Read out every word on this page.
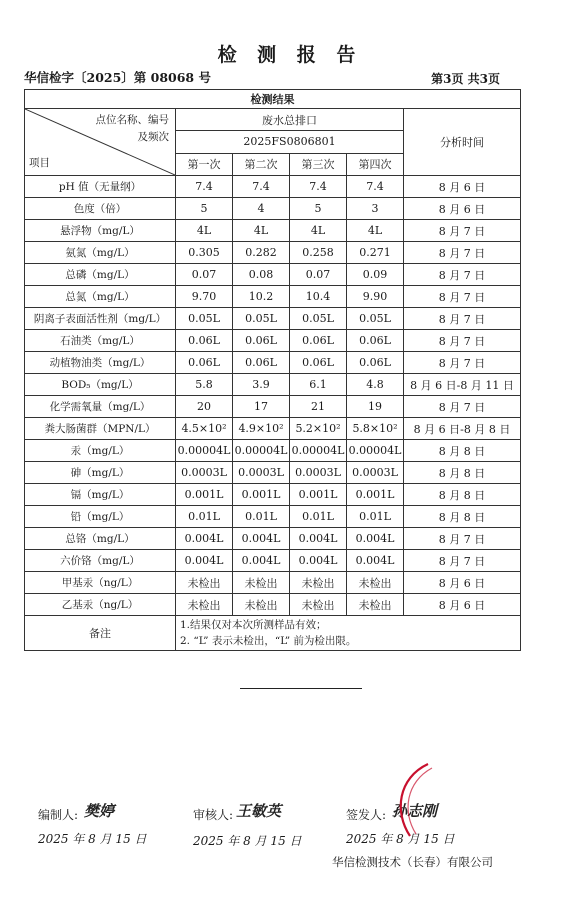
检 测 报 告
华信检字〔2025〕第 08068 号	第3页 共3页
检测结果					

点位名称、编号
及频次
项目	废水总排口				分析时间
	2025FS0806801				
	第一次	第二次	第三次	第四次	
pH 值（无量纲）	7.4	7.4	7.4	7.4	8 月 6 日
色度（倍）	5	4	5	3	8 月 6 日
悬浮物（mg/L）	4L	4L	4L	4L	8 月 7 日
氨氮（mg/L）	0.305	0.282	0.258	0.271	8 月 7 日
总磷（mg/L）	0.07	0.08	0.07	0.09	8 月 7 日
总氮（mg/L）	9.70	10.2	10.4	9.90	8 月 7 日
阴离子表面活性剂（mg/L）	0.05L	0.05L	0.05L	0.05L	8 月 7 日
石油类（mg/L）	0.06L	0.06L	0.06L	0.06L	8 月 7 日
动植物油类（mg/L）	0.06L	0.06L	0.06L	0.06L	8 月 7 日
BOD₅（mg/L）	5.8	3.9	6.1	4.8	8 月 6 日-8 月 11 日
化学需氧量（mg/L）	20	17	21	19	8 月 7 日
粪大肠菌群（MPN/L）	4.5×10²	4.9×10²	5.2×10²	5.8×10²	8 月 6 日-8 月 8 日
汞（mg/L）	0.00004L	0.00004L	0.00004L	0.00004L	8 月 8 日
砷（mg/L）	0.0003L	0.0003L	0.0003L	0.0003L	8 月 8 日
镉（mg/L）	0.001L	0.001L	0.001L	0.001L	8 月 8 日
铅（mg/L）	0.01L	0.01L	0.01L	0.01L	8 月 8 日
总铬（mg/L）	0.004L	0.004L	0.004L	0.004L	8 月 7 日
六价铬（mg/L）	0.004L	0.004L	0.004L	0.004L	8 月 7 日
甲基汞（ng/L）	未检出	未检出	未检出	未检出	8 月 6 日
乙基汞（ng/L）	未检出	未检出	未检出	未检出	8 月 6 日
备注	1.结果仅对本次所测样品有效；
2. “L” 表示未检出，“L” 前为检出限。				
编制人: 樊婷
2025 年 8 月 15 日
审核人: 王敏英
2025 年 8 月 15 日
签发人: 孙志刚
2025 年 8 月 15 日
华信检测技术（长春）有限公司
